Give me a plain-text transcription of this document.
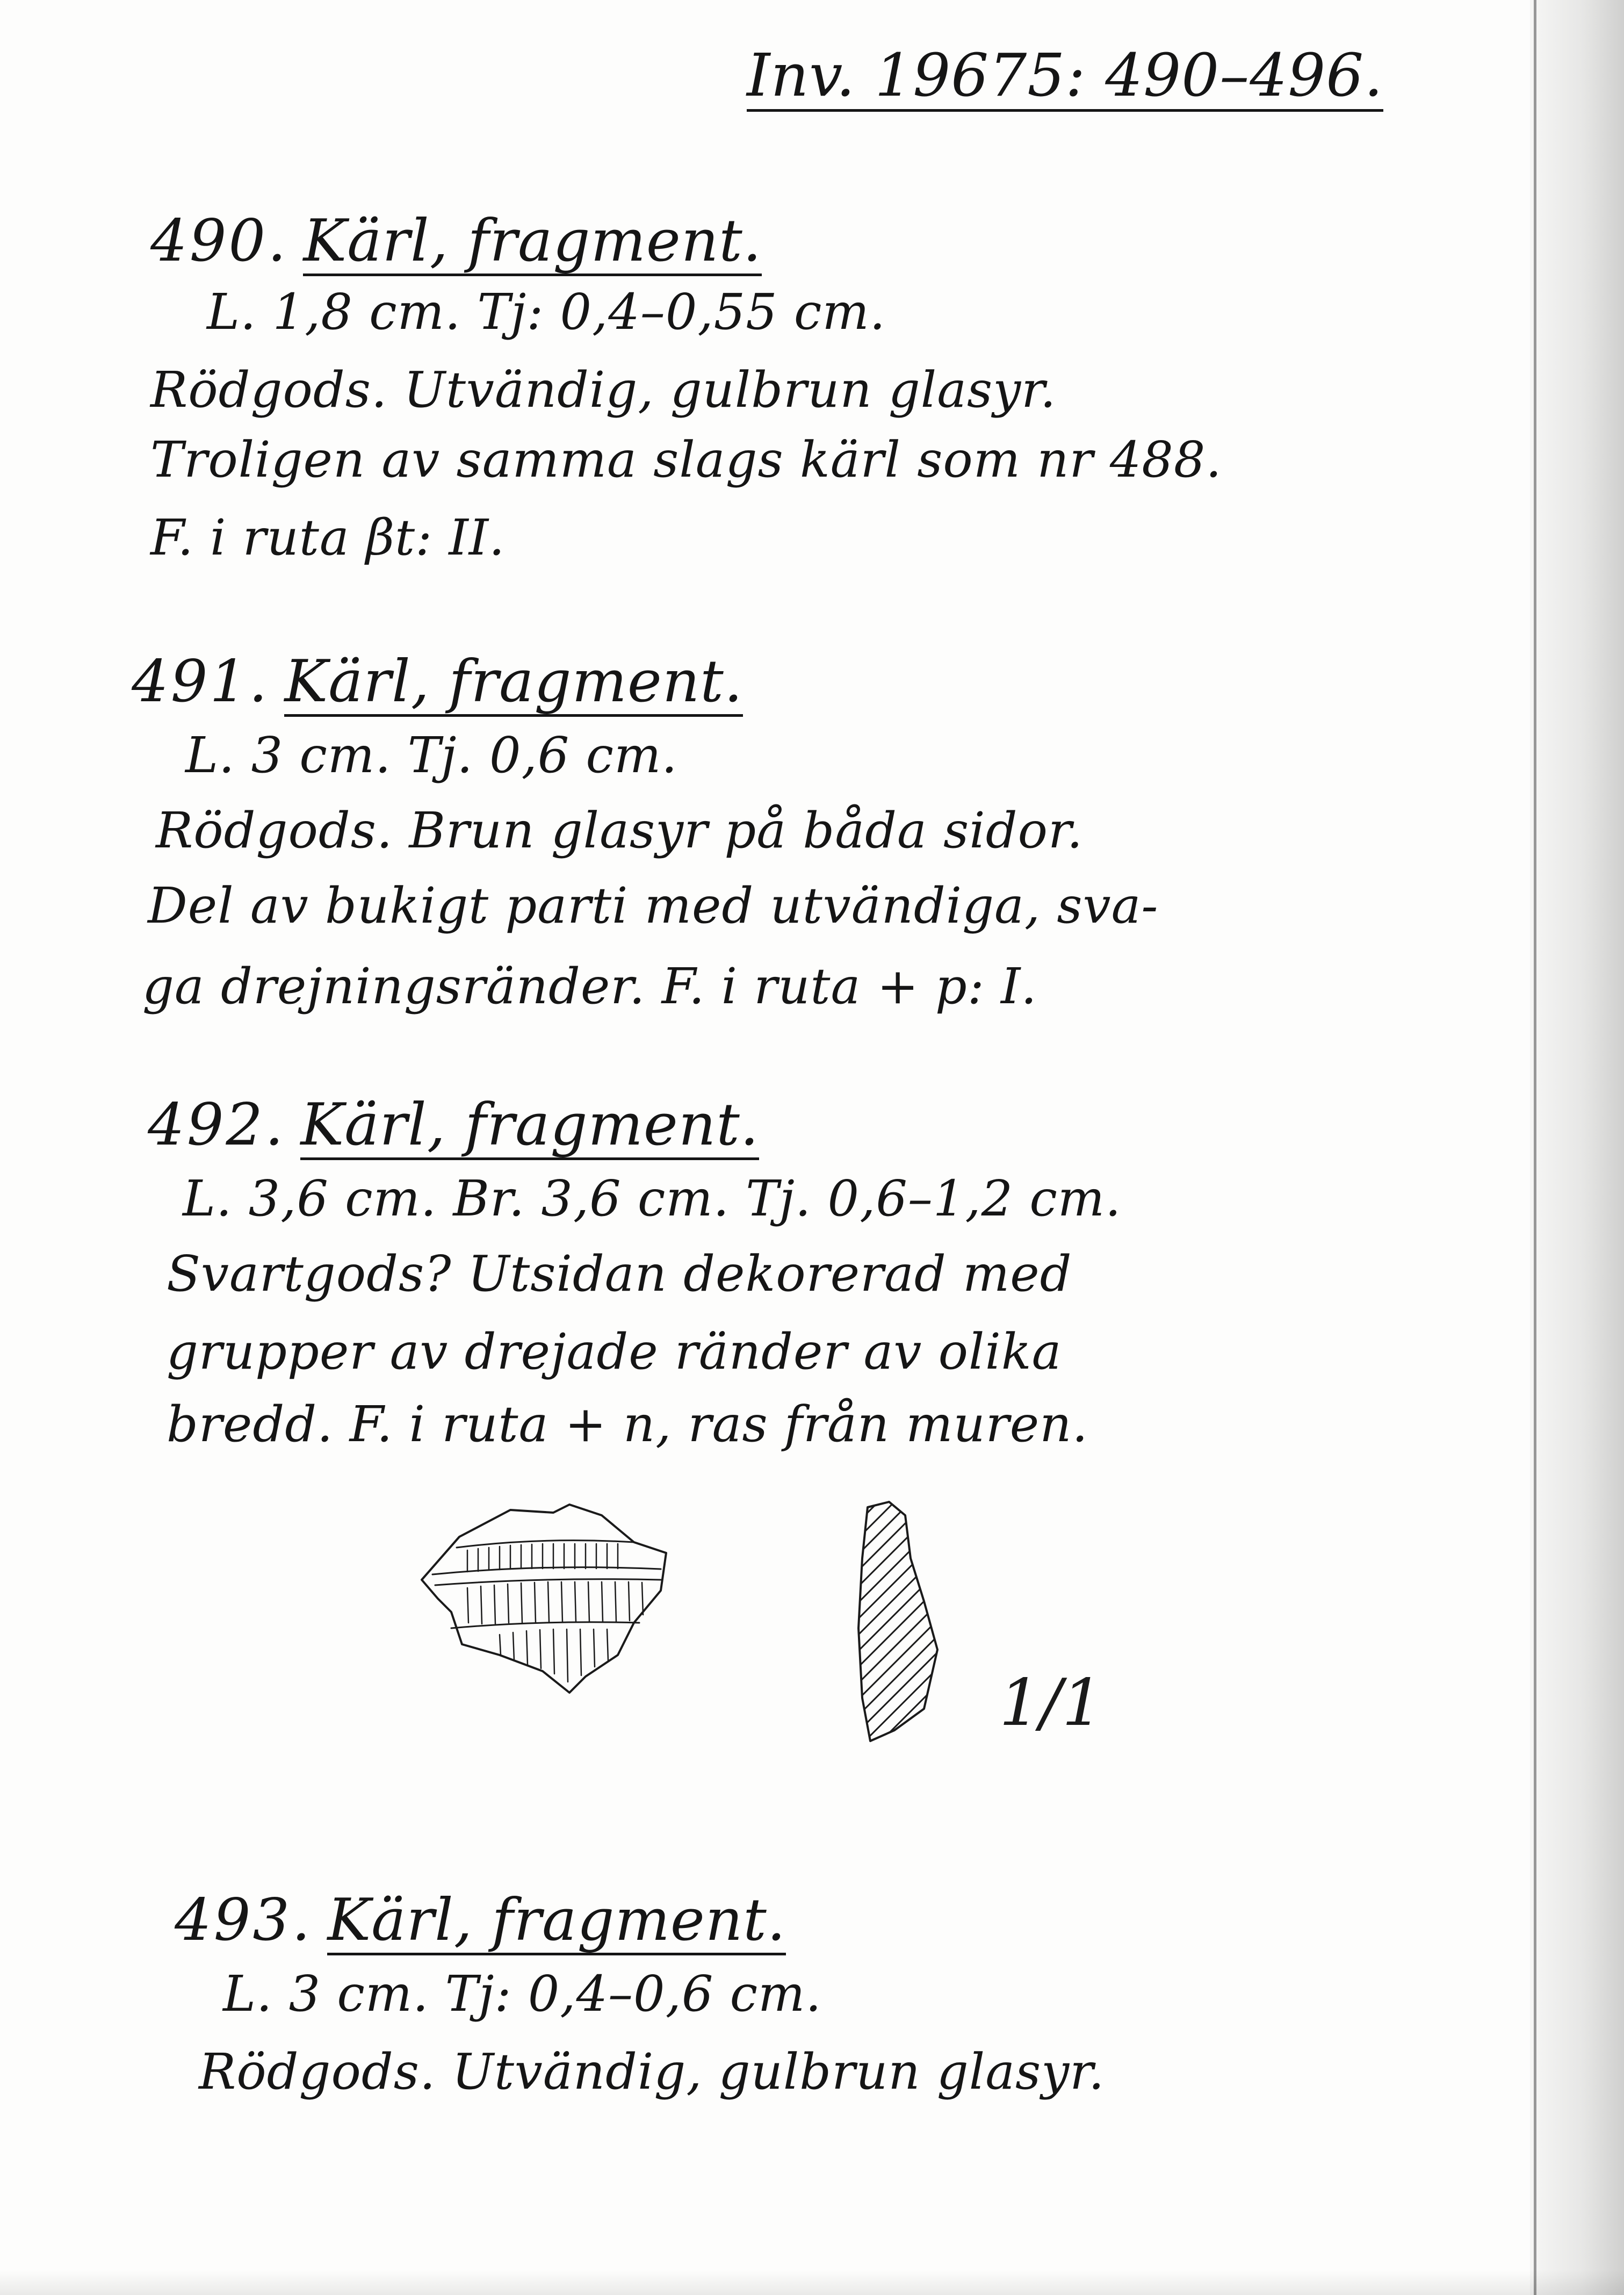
Inv. 19675: 490–496.
490. Kärl, fragment.
L. 1,8 cm. Tj: 0,4–0,55 cm.
Rödgods. Utvändig, gulbrun glasyr.
Troligen av samma slags kärl som nr 488.
F. i ruta βt: II.
491. Kärl, fragment.
L. 3 cm. Tj. 0,6 cm.
Rödgods. Brun glasyr på båda sidor.
Del av bukigt parti med utvändiga, sva-
ga drejningsränder. F. i ruta + p: I.
492. Kärl, fragment.
L. 3,6 cm. Br. 3,6 cm. Tj. 0,6–1,2 cm.
Svartgods? Utsidan dekorerad med
grupper av drejade ränder av olika
bredd. F. i ruta + n, ras från muren.
1/1
493. Kärl, fragment.
L. 3 cm. Tj: 0,4–0,6 cm.
Rödgods. Utvändig, gulbrun glasyr.
